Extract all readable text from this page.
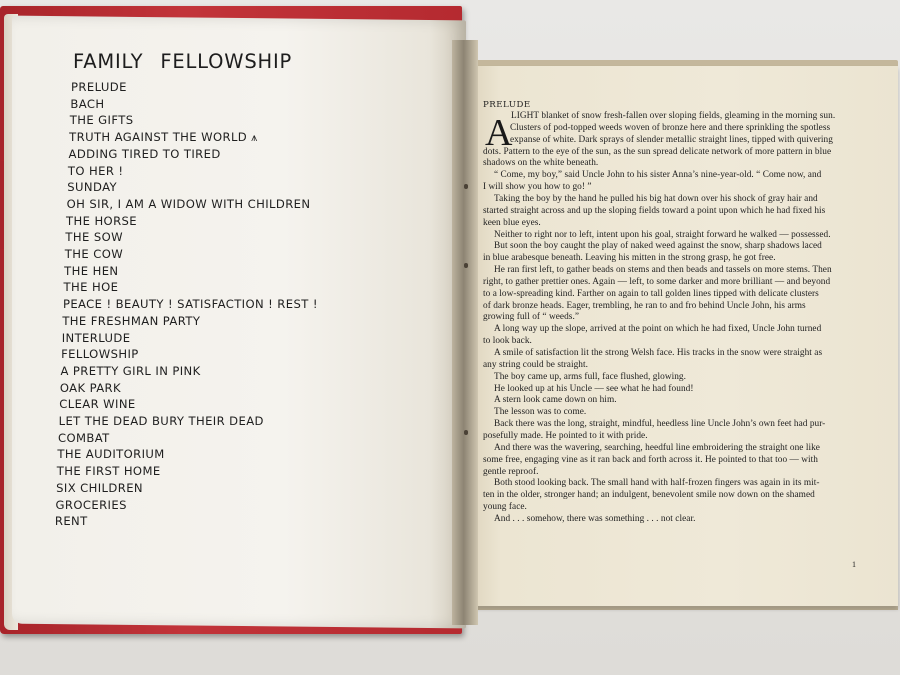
FAMILY FELLOWSHIP
PRELUDE
BACH
THE GIFTS
TRUTH AGAINST THE WORLD ⩚
ADDING TIRED TO TIRED
TO HER !
SUNDAY
OH SIR, I AM A WIDOW WITH CHILDREN
THE HORSE
THE SOW
THE COW
THE HEN
THE HOE
PEACE ! BEAUTY ! SATISFACTION ! REST !
THE FRESHMAN PARTY
INTERLUDE
FELLOWSHIP
A PRETTY GIRL IN PINK
OAK PARK
CLEAR WINE
LET THE DEAD BURY THEIR DEAD
COMBAT
THE AUDITORIUM
THE FIRST HOME
SIX CHILDREN
GROCERIES
RENT
PRELUDE
A
LIGHT blanket of snow fresh-fallen over sloping fields, gleaming in the morning sun.
Clusters of pod-topped weeds woven of bronze here and there sprinkling the spotless
expanse of white. Dark sprays of slender metallic straight lines, tipped with quivering
dots. Pattern to the eye of the sun, as the sun spread delicate network of more pattern in blue
shadows on the white beneath.
“ Come, my boy,” said Uncle John to his sister Anna’s nine-year-old. “ Come now, and
I will show you how to go! ”
Taking the boy by the hand he pulled his big hat down over his shock of gray hair and
started straight across and up the sloping fields toward a point upon which he had fixed his
keen blue eyes.
Neither to right nor to left, intent upon his goal, straight forward he walked — possessed.
But soon the boy caught the play of naked weed against the snow, sharp shadows laced
in blue arabesque beneath. Leaving his mitten in the strong grasp, he got free.
He ran first left, to gather beads on stems and then beads and tassels on more stems. Then
right, to gather prettier ones. Again — left, to some darker and more brilliant — and beyond
to a low-spreading kind. Farther on again to tall golden lines tipped with delicate clusters
of dark bronze heads. Eager, trembling, he ran to and fro behind Uncle John, his arms
growing full of “ weeds.”
A long way up the slope, arrived at the point on which he had fixed, Uncle John turned
to look back.
A smile of satisfaction lit the strong Welsh face. His tracks in the snow were straight as
any string could be straight.
The boy came up, arms full, face flushed, glowing.
He looked up at his Uncle — see what he had found!
A stern look came down on him.
The lesson was to come.
Back there was the long, straight, mindful, heedless line Uncle John’s own feet had pur-
posefully made. He pointed to it with pride.
And there was the wavering, searching, heedful line embroidering the straight one like
some free, engaging vine as it ran back and forth across it. He pointed to that too — with
gentle reproof.
Both stood looking back. The small hand with half-frozen fingers was again in its mit-
ten in the older, stronger hand; an indulgent, benevolent smile now down on the shamed
young face.
And . . . somehow, there was something . . . not clear.
1
